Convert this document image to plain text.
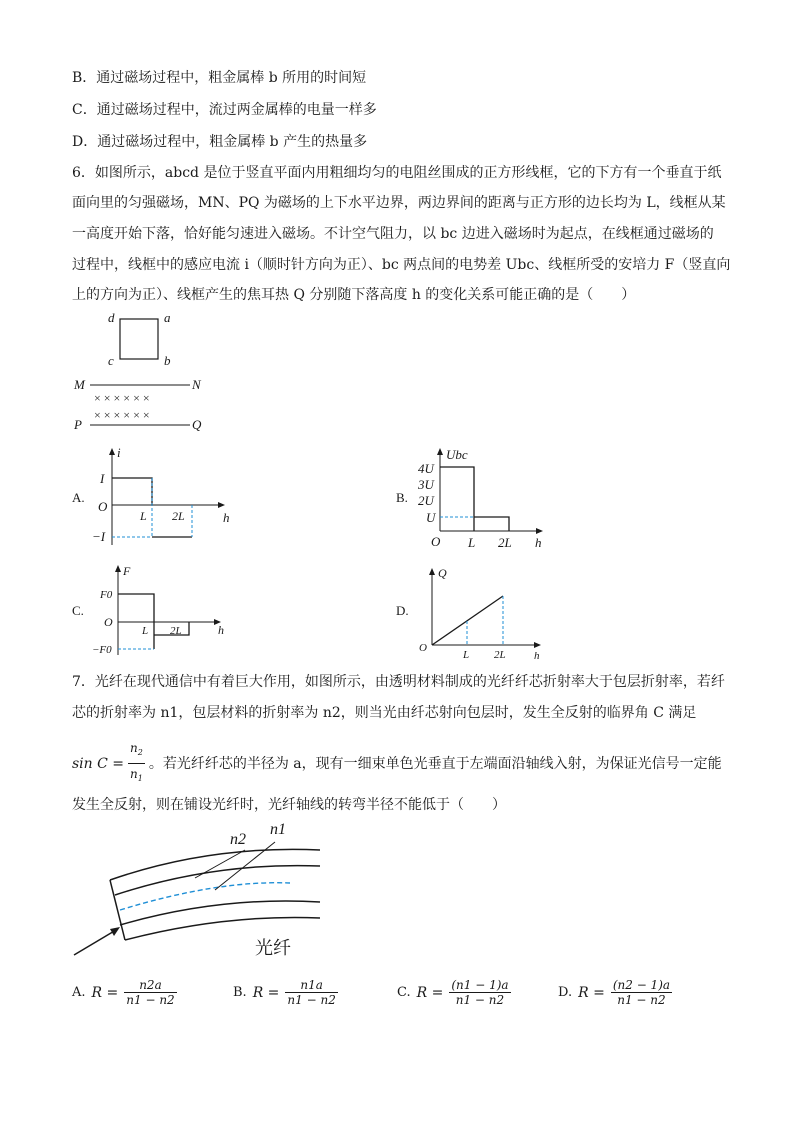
B．通过磁场过程中，粗金属棒 b 所用的时间短
C．通过磁场过程中，流过两金属棒的电量一样多
D．通过磁场过程中，粗金属棒 b 产生的热量多
6．如图所示，abcd 是位于竖直平面内用粗细均匀的电阻丝围成的正方形线框，它的下方有一个垂直于纸
面向里的匀强磁场，MN、PQ 为磁场的上下水平边界，两边界间的距离与正方形的边长均为 L，线框从某
一高度开始下落，恰好能匀速进入磁场。不计空气阻力，以 bc 边进入磁场时为起点，在线框通过磁场的
过程中，线框中的感应电流 i（顺时针方向为正）、bc 两点间的电势差 Ubc、线框所受的安培力 F（竖直向
上的方向为正）、线框产生的焦耳热 Q 分别随下落高度 h 的变化关系可能正确的是（　　）
d	a
c	b
M	N
P	Q
× × × × × ×
× × × × × ×
A.
i
h
O
I
−I
L 2L
B.
Ubc
h
O
4U
3U
2U
U
L 2L
C.
F
h
O
F0
−F0
L 2L
D.
Q
h
O
L 2L
7．光纤在现代通信中有着巨大作用，如图所示，由透明材料制成的光纤纤芯折射率大于包层折射率，若纤
芯的折射率为 n1，包层材料的折射率为 n2，则当光由纤芯射向包层时，发生全反射的临界角 C 满足
$\sin C = \frac{n_2}{n_1}$ 。若光纤纤芯的半径为 a，现有一细束单色光垂直于左端面沿轴线入射，为保证光信号一定能
发生全反射，则在铺设光纤时，光纤轴线的转弯半径不能低于（　　）
n2
n1
光纤
A. $R = \frac{n2a}{n1 - n2}$	B. $R = \frac{n1a}{n1 - n2}$	C. $R = \frac{(n1 - 1)a}{n1 - n2}$	D. $R = \frac{(n2 - 1)a}{n1 - n2}$
